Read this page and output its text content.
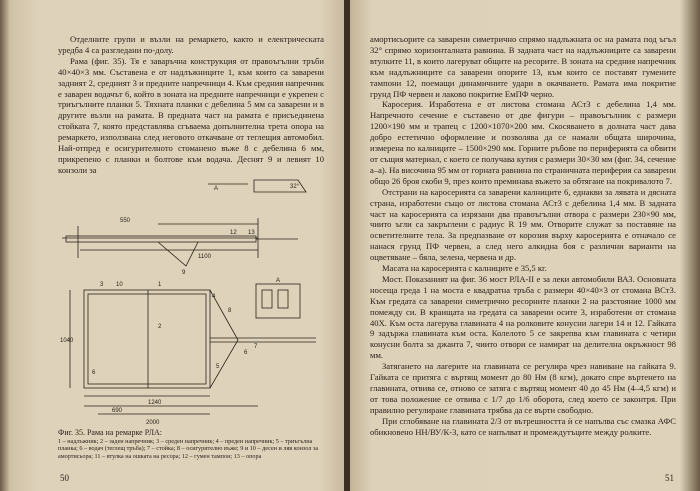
Отделните групи и възли на ремаркето, както и електрическата уредба 4 са разгледани по-долу.

Рама (фиг. 35). Тя е заваръчна конструкция от правоъгълни тръби 40×40×3 мм. Съставена е от надлъжниците 1, към които са заварени задният 2, средният 3 и предните напречници 4. Към средния напречник е заварен водачът 6, който в зоната на предните напречници е укрепен с триъгълните планки 5. Тяхната планки с дебелина 5 мм са заварени и в другите възли на рамата. В предната част на рамата е присъединена стойката 7, която представлява сгъваема допълнителна трета опора на ремаркето, използвана след неговото откачване от теглещия автомобил. Най-отпред е осигурителното стоманено въже 8 с дебелина 6 мм, прикрепено с планки и болтове към водача. Деснят 9 и левият 10 конзоли за

А	32°
550
1100
2000
1240
1040
690
12 13
9
3 10	1
4
8
2
6
5
7
6
A

Фиг. 35. Рама на ремарке РЛА:

1 – надлъжник; 2 – заден напречник; 3 – среден напречник; 4 – преден напречник; 5 – триъгълна планка; 6 – водач (теглещ тръба); 7 – стойка; 8 – осигурително въже; 9 и 10 – десен и ляв конзол за амортисьора; 11 – втулка на ошката на ресора; 12 – гумен тампон; 13 – опора

50

амортисьорите са заварени симетрично спрямо надлъжната ос на рамата под ъгъл 32° спрямо хоризонталната равнина. В задната част на надлъжниците са заварени втулките 11, в които лагеруват общите на ресорите. В зоната на средния напречник към надлъжниците са заварени опорите 13, към които се поставят гумените тампони 12, поемащи динамичните удари в окачването. Рамата има покритие грунд ПФ червен и лаково покритие ЕмПФ черно.

Каросерия. Изработена е от листова стомана АСт3 с дебелина 1,4 мм. Напречното сечение е съставено от две фигури – правоъгълник с размери 1200×190 мм и трапец с 1200×1070×200 мм. Скосяването в долната част дава добро естетично оформление и позволява да се намали общата широчина, измерена по калниците – 1500×290 мм. Горните ръбове по периферията са обвити от същия материал, с което се получава кутия с размери 30×30 мм (фиг. 34, сечение а–а). На височина 95 мм от горната равнина по страничната периферия са заварени общо 26 броя скоби 9, през които преминава въжето за обтягане на покривалото 7.

Отстрани на каросерията са заварени калниците 6, еднакви за лявата и дясната страна, изработени също от листова стомана АСт3 с дебелина 1,4 мм. В задната част на каросерията са изрязани два правоъгълни отвора с размери 230×90 мм, чиито ъгли са закръглени с радиус R 19 мм. Отворите служат за поставяне на осветителните тела. За предпазване от корозия върху каросерията е отначало се нанася грунд ПФ червен, а след него алкидна боя с различни варианти на оцветяване – бяла, зелена, червена и др.

Масата на каросерията с калниците е 35,5 кг.

Мост. Показаният на фиг. 36 мост РЛА-II е за леки автомобили ВАЗ. Основната носеща греда 1 на моста е квадратна тръба с размери 40×40×3 от стомана ВСт3. Към гредата са заварени симетрично ресорните планки 2 на разстояние 1000 мм помежду си. В краищата на гредата са заварени осите 3, изработени от стомана 40Х. Към оста лагерува главината 4 на ролковите конусни лагери 14 и 12. Гайката 9 задържа главината към оста. Колелото 5 се закрепва към главината с четири конусни болта за джанта 7, чиито отвори се намират на делителна окръжност 98 мм.

Затягането на лагерите на главината се регулира чрез навиване на гайката 9. Гайката се притяга с въртящ момент до 80 Нм (8 кгм), докато спре въртенето на главината, отвива се, отново се затяга с въртящ момент 40 до 45 Нм (4–4,5 кгм) и от това положение се отвива с 1/7 до 1/6 оборота, след което се законтря. При правилно регулиране главината трябва да се върти свободно.

При сглобяване на главината 2/3 от вътрешността ѝ се напълва със смазка АФС обикновено НН/ВУ/К-3, като се напълват и промеждутъците между ролките.

51
